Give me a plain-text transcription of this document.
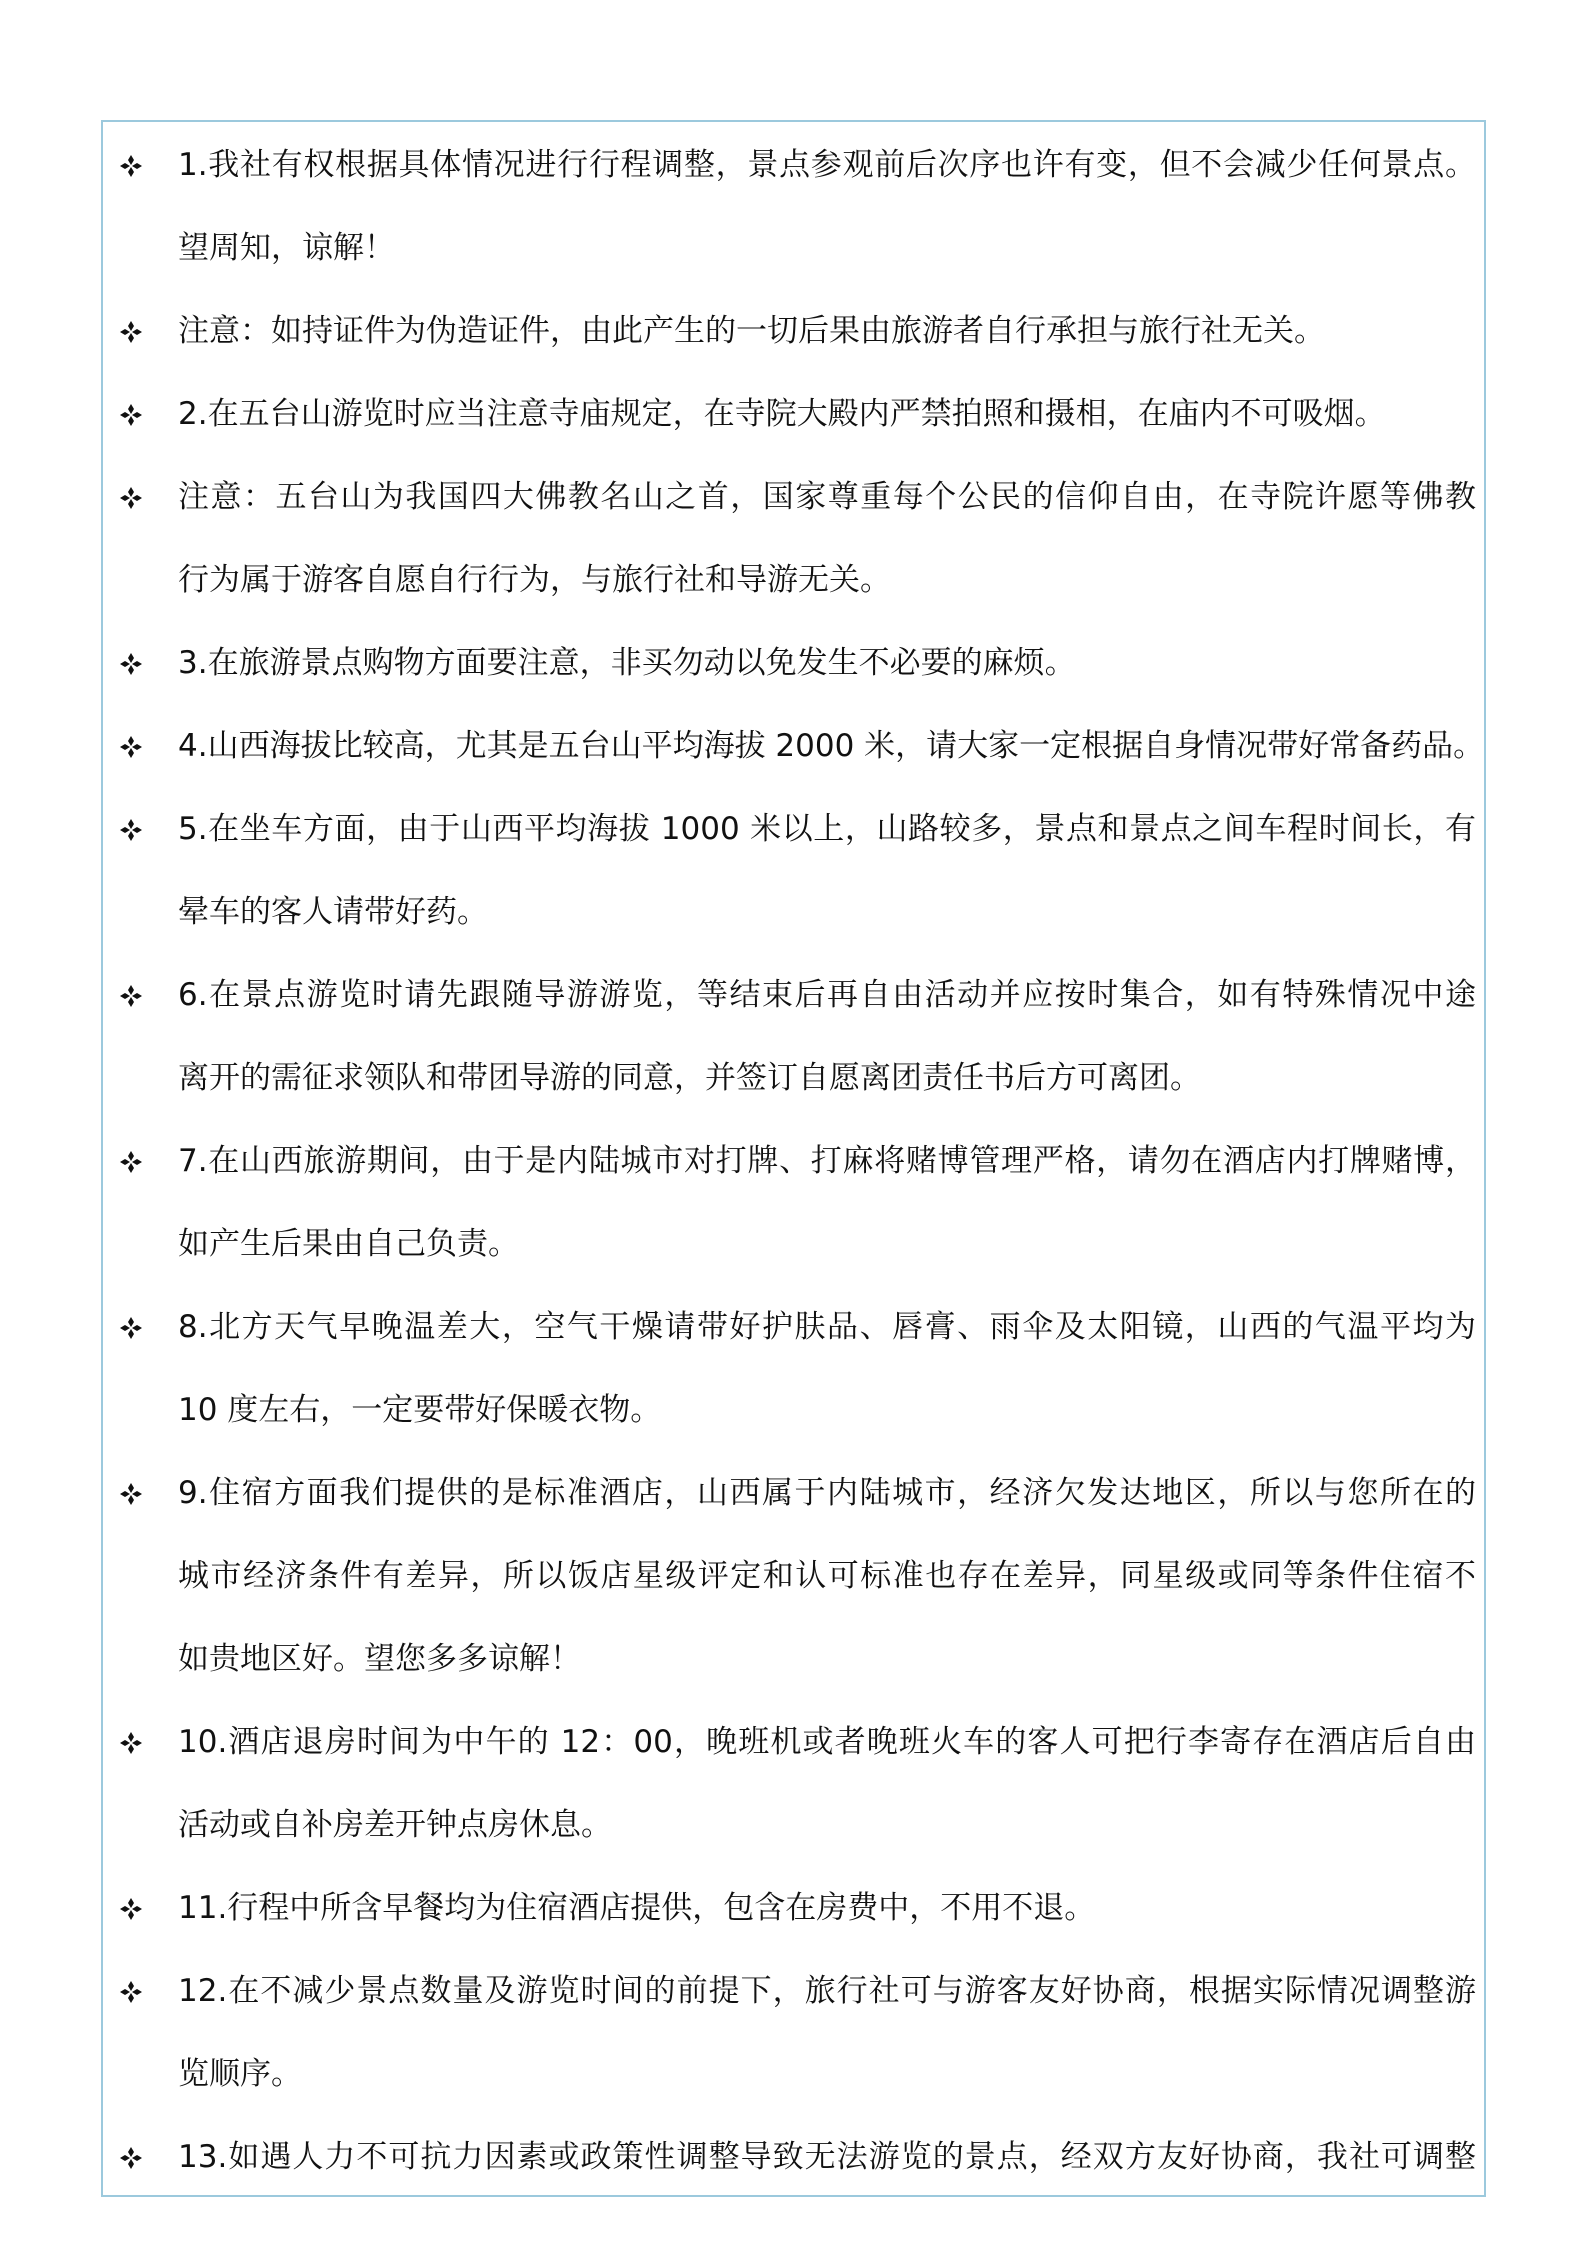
1.我社有权根据具体情况进行行程调整，景点参观前后次序也许有变，但不会减少任何景点。
望周知，谅解！
注意：如持证件为伪造证件，由此产生的一切后果由旅游者自行承担与旅行社无关。
2.在五台山游览时应当注意寺庙规定，在寺院大殿内严禁拍照和摄相，在庙内不可吸烟。
注意：五台山为我国四大佛教名山之首，国家尊重每个公民的信仰自由，在寺院许愿等佛教
行为属于游客自愿自行行为，与旅行社和导游无关。
3.在旅游景点购物方面要注意，非买勿动以免发生不必要的麻烦。
4.山西海拔比较高，尤其是五台山平均海拔 2000 米，请大家一定根据自身情况带好常备药品。
5.在坐车方面，由于山西平均海拔 1000 米以上，山路较多，景点和景点之间车程时间长，有
晕车的客人请带好药。
6.在景点游览时请先跟随导游游览，等结束后再自由活动并应按时集合，如有特殊情况中途
离开的需征求领队和带团导游的同意，并签订自愿离团责任书后方可离团。
7.在山西旅游期间，由于是内陆城市对打牌、打麻将赌博管理严格，请勿在酒店内打牌赌博，
如产生后果由自己负责。
8.北方天气早晚温差大，空气干燥请带好护肤品、唇膏、雨伞及太阳镜，山西的气温平均为
10 度左右，一定要带好保暖衣物。
9.住宿方面我们提供的是标准酒店，山西属于内陆城市，经济欠发达地区，所以与您所在的
城市经济条件有差异，所以饭店星级评定和认可标准也存在差异，同星级或同等条件住宿不
如贵地区好。望您多多谅解！
10.酒店退房时间为中午的 12：00，晚班机或者晚班火车的客人可把行李寄存在酒店后自由
活动或自补房差开钟点房休息。
11.行程中所含早餐均为住宿酒店提供，包含在房费中，不用不退。
12.在不减少景点数量及游览时间的前提下，旅行社可与游客友好协商，根据实际情况调整游
览顺序。
13.如遇人力不可抗力因素或政策性调整导致无法游览的景点，经双方友好协商，我社可调整
